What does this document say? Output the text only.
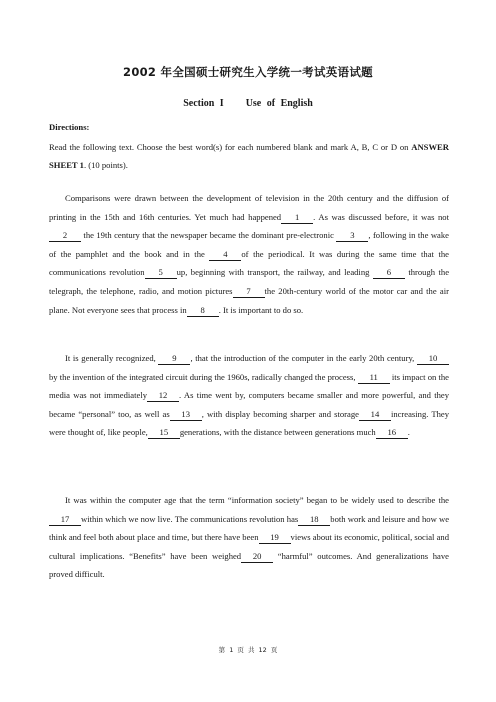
2002 年全国硕士研究生入学统一考试英语试题
Section I Use of English
Directions:
Read the following text. Choose the best word(s) for each numbered blank and mark A, B, C or D on ANSWER SHEET 1. (10 points).
Comparisons were drawn between the development of television in the 20th century and the diffusion of printing in the 15th and 16th centuries. Yet much had happened1. As was discussed before, it was not 2 the 19th century that the newspaper became the dominant pre-electronic 3, following in the wake of the pamphlet and the book and in the 4of the periodical. It was during the same time that the communications revolution5up, beginning with transport, the railway, and leading 6 through the telegraph, the telephone, radio, and motion pictures7the 20th-century world of the motor car and the air plane. Not everyone sees that process in8. It is important to do so.
It is generally recognized, 9, that the introduction of the computer in the early 20th century, 10by the invention of the integrated circuit during the 1960s, radically changed the process, 11 its impact on the media was not immediately12. As time went by, computers became smaller and more powerful, and they became “personal” too, as well as13, with display becoming sharper and storage14increasing. They were thought of, like people,15generations, with the distance between generations much16.
It was within the computer age that the term “information society” began to be widely used to describe the17within which we now live. The communications revolution has18both work and leisure and how we think and feel both about place and time, but there have been19views about its economic, political, social and cultural implications. “Benefits” have been weighed20 “harmful” outcomes. And generalizations have proved difficult.
第 1 页 共 12 页
